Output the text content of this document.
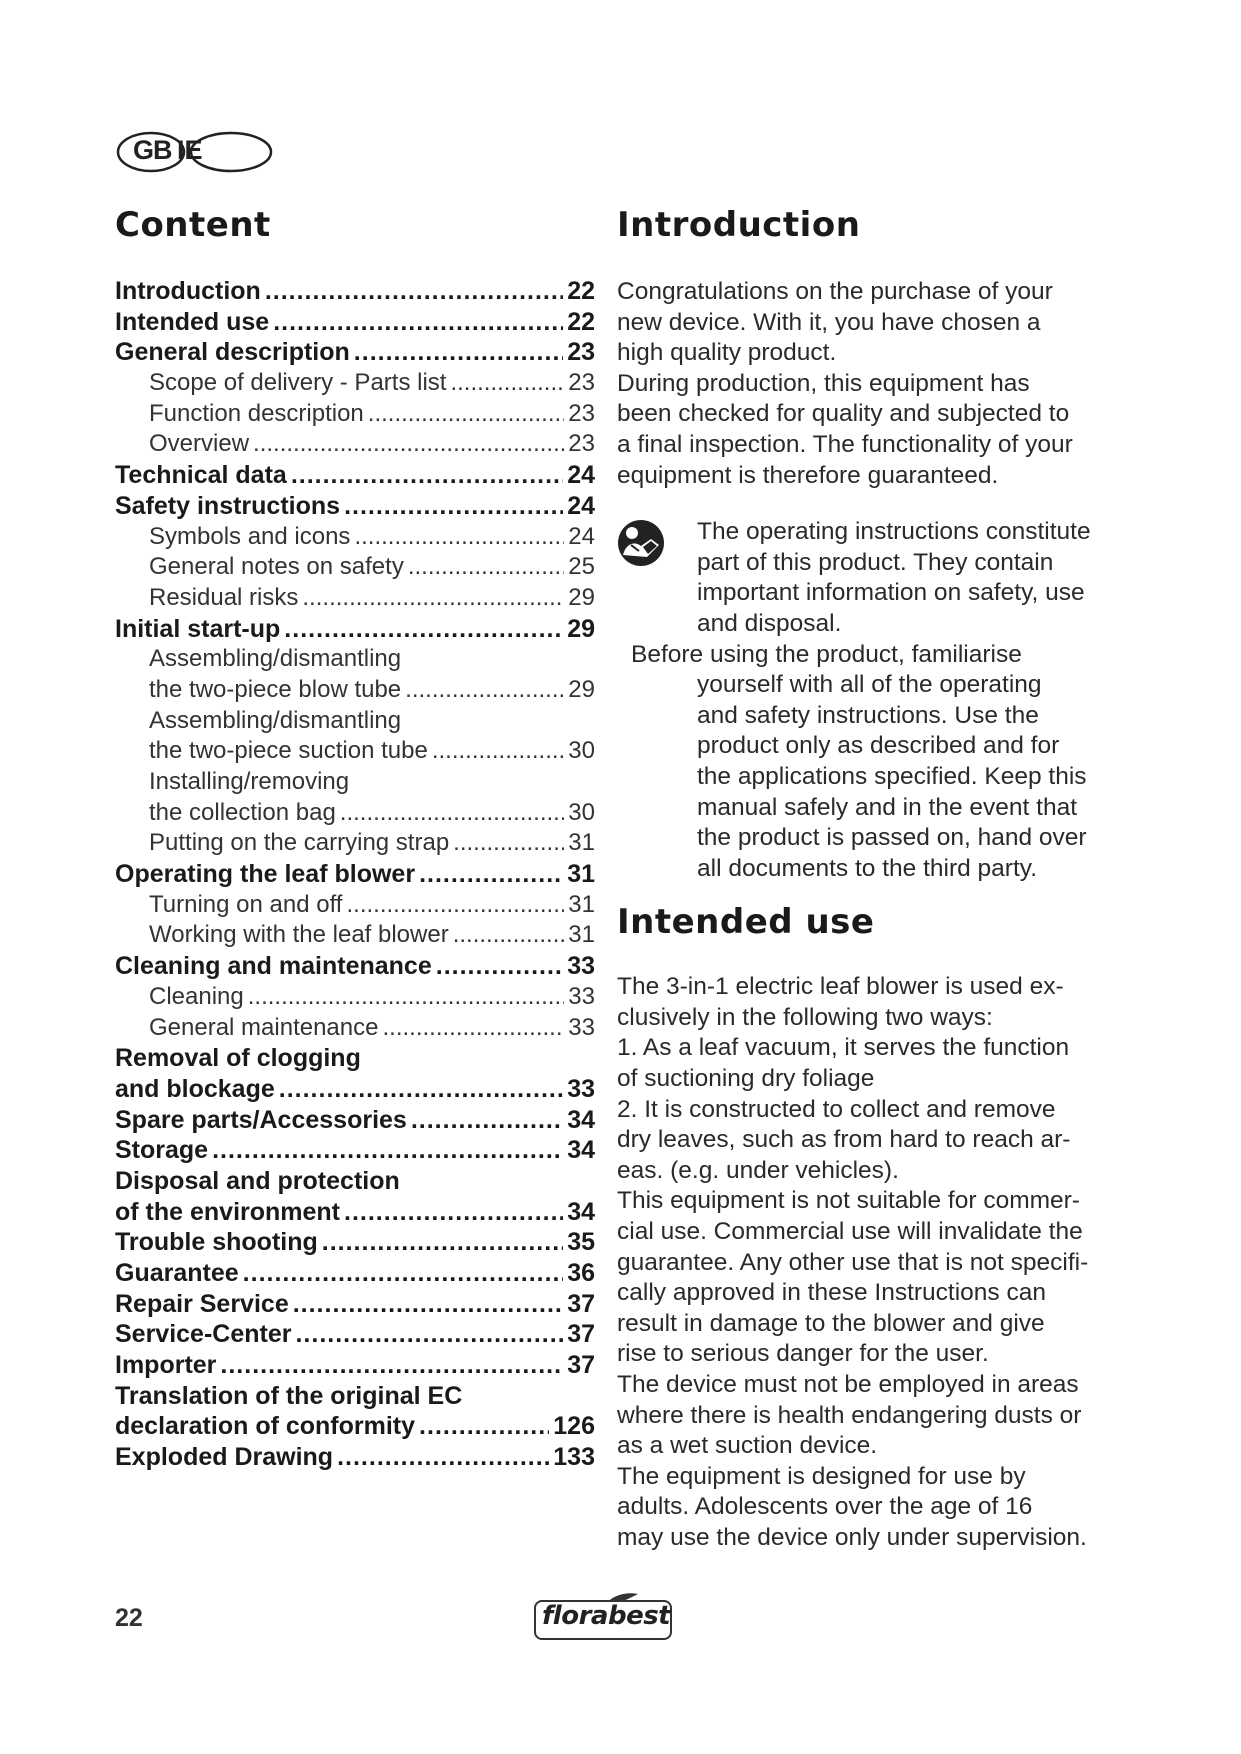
GB IE
Content
Introduction .....	22
Intended use .....	22
General description .....	23
Scope of delivery - Parts list .....	23
Function description .....	23
Overview .....	23
Technical data .....	24
Safety instructions .....	24
Symbols and icons .....	24
General notes on safety .....	25
Residual risks .....	29
Initial start-up .....	29
Assembling/dismantling
the two-piece blow tube .....	29
Assembling/dismantling
the two-piece suction tube .....	30
Installing/removing
the collection bag .....	30
Putting on the carrying strap .....	31
Operating the leaf blower .....	31
Turning on and off .....	31
Working with the leaf blower .....	31
Cleaning and maintenance .....	33
Cleaning .....	33
General maintenance .....	33
Removal of clogging
and blockage .....	33
Spare parts/Accessories .....	34
Storage .....	34
Disposal and protection
of the environment .....	34
Trouble shooting .....	35
Guarantee .....	36
Repair Service .....	37
Service-Center .....	37
Importer .....	37
Translation of the original EC
declaration of conformity .....	126
Exploded Drawing .....	133
Introduction
Congratulations on the purchase of your
new device. With it, you have chosen a
high quality product.
During production, this equipment has
been checked for quality and subjected to
a final inspection. The functionality of your
equipment is therefore guaranteed.
The operating instructions constitute
part of this product. They contain
important information on safety, use
and disposal.
Before using the product, familiarise
yourself with all of the operating
and safety instructions. Use the
product only as described and for
the applications specified. Keep this
manual safely and in the event that
the product is passed on, hand over
all documents to the third party.
Intended use
The 3-in-1 electric leaf blower is used ex-
clusively in the following two ways:
1. As a leaf vacuum, it serves the function
of suctioning dry foliage
2. It is constructed to collect and remove
dry leaves, such as from hard to reach ar-
eas. (e.g. under vehicles).
This equipment is not suitable for commer-
cial use. Commercial use will invalidate the
guarantee. Any other use that is not specifi-
cally approved in these Instructions can
result in damage to the blower and give
rise to serious danger for the user.
The device must not be employed in areas
where there is health endangering dusts or
as a wet suction device.
The equipment is designed for use by
adults. Adolescents over the age of 16
may use the device only under supervision.
22	florabest
